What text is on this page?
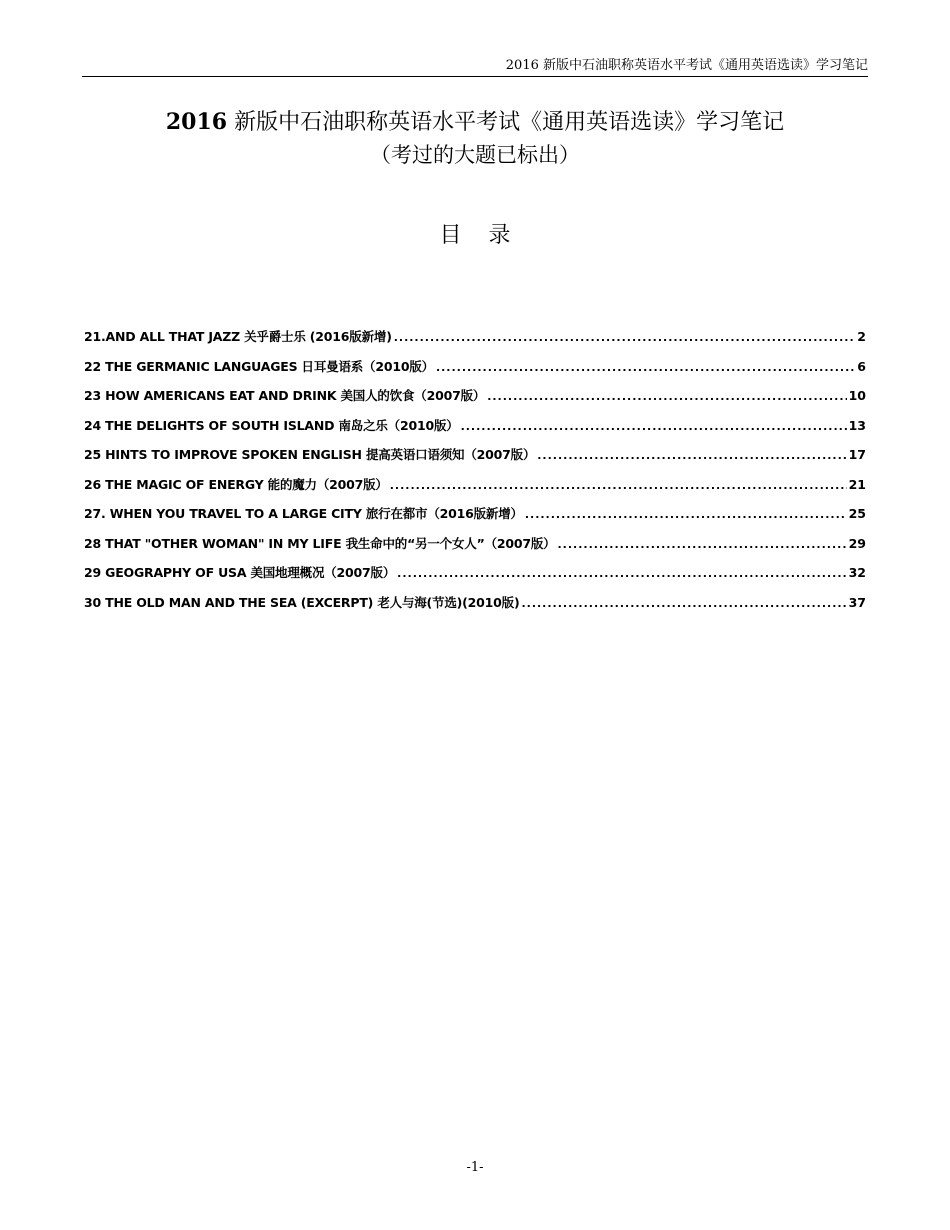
2016 新版中石油职称英语水平考试《通用英语选读》学习笔记
2016 新版中石油职称英语水平考试《通用英语选读》学习笔记
（考过的大题已标出）
目 录
21.AND ALL THAT JAZZ 关乎爵士乐 (2016版新增) .....	2
22 THE GERMANIC LANGUAGES 日耳曼语系（2010版） .....	6
23 HOW AMERICANS EAT AND DRINK 美国人的饮食（2007版） .....	10
24 THE DELIGHTS OF SOUTH ISLAND 南岛之乐（2010版） .....	13
25 HINTS TO IMPROVE SPOKEN ENGLISH 提高英语口语须知（2007版） .....	17
26 THE MAGIC OF ENERGY 能的魔力（2007版） .....	21
27. WHEN YOU TRAVEL TO A LARGE CITY 旅行在都市（2016版新增） .....	25
28 THAT "OTHER WOMAN" IN MY LIFE 我生命中的“另一个女人”（2007版） .....	29
29 GEOGRAPHY OF USA 美国地理概况（2007版） .....	32
30 THE OLD MAN AND THE SEA (EXCERPT) 老人与海(节选)(2010版) .....	37
-1-
